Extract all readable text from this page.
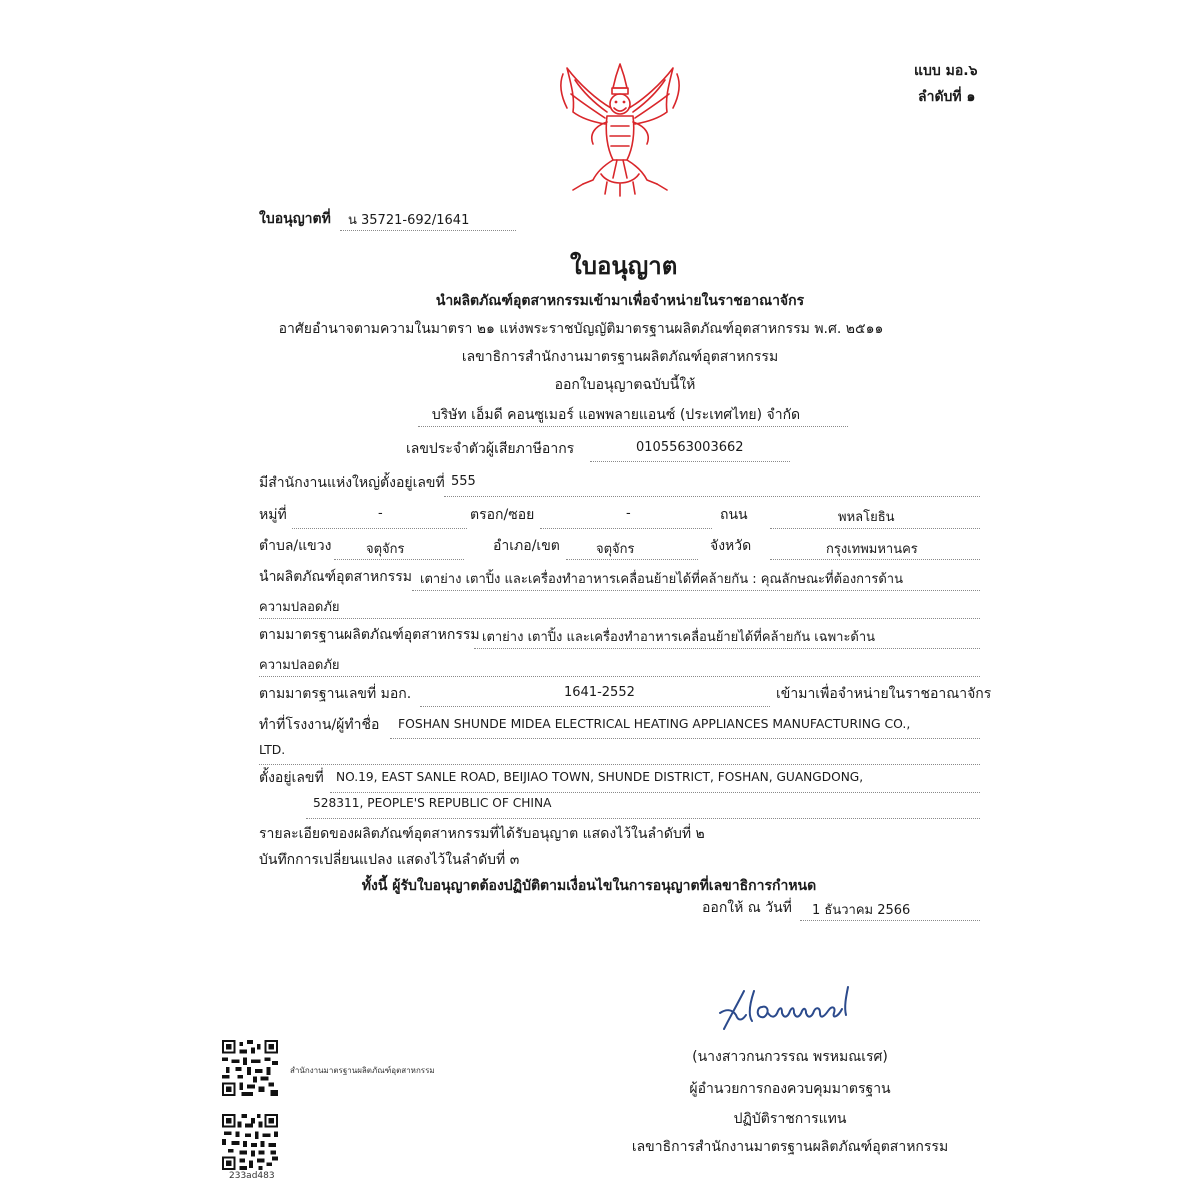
แบบ มอ.๖
ลำดับที่ ๑
ใบอนุญาตที่ น 35721-692/1641
ใบอนุญาต
นำผลิตภัณฑ์อุตสาหกรรมเข้ามาเพื่อจำหน่ายในราชอาณาจักร
อาศัยอำนาจตามความในมาตรา ๒๑ แห่งพระราชบัญญัติมาตรฐานผลิตภัณฑ์อุตสาหกรรม พ.ศ. ๒๕๑๑
เลขาธิการสำนักงานมาตรฐานผลิตภัณฑ์อุตสาหกรรม
ออกใบอนุญาตฉบับนี้ให้
บริษัท เอ็มดี คอนซูเมอร์ แอพพลายแอนซ์ (ประเทศไทย) จำกัด
เลขประจำตัวผู้เสียภาษีอากร	0105563003662
มีสำนักงานแห่งใหญ่ตั้งอยู่เลขที่ 555
หมู่ที่	-	ตรอก/ซอย	-	ถนน	พหลโยธิน
ตำบล/แขวง	จตุจักร	อำเภอ/เขต	จตุจักร	จังหวัด	กรุงเทพมหานคร
นำผลิตภัณฑ์อุตสาหกรรม เตาย่าง เตาปิ้ง และเครื่องทำอาหารเคลื่อนย้ายได้ที่คล้ายกัน : คุณลักษณะที่ต้องการด้าน
ความปลอดภัย
ตามมาตรฐานผลิตภัณฑ์อุตสาหกรรม เตาย่าง เตาปิ้ง และเครื่องทำอาหารเคลื่อนย้ายได้ที่คล้ายกัน เฉพาะด้าน
ความปลอดภัย
ตามมาตรฐานเลขที่ มอก.	1641-2552	เข้ามาเพื่อจำหน่ายในราชอาณาจักร
ทำที่โรงงาน/ผู้ทำชื่อ FOSHAN SHUNDE MIDEA ELECTRICAL HEATING APPLIANCES MANUFACTURING CO.,
LTD.
ตั้งอยู่เลขที่ NO.19, EAST SANLE ROAD, BEIJIAO TOWN, SHUNDE DISTRICT, FOSHAN, GUANGDONG,
528311, PEOPLE'S REPUBLIC OF CHINA
รายละเอียดของผลิตภัณฑ์อุตสาหกรรมที่ได้รับอนุญาต แสดงไว้ในลำดับที่ ๒
บันทึกการเปลี่ยนแปลง แสดงไว้ในลำดับที่ ๓
ทั้งนี้ ผู้รับใบอนุญาตต้องปฏิบัติตามเงื่อนไขในการอนุญาตที่เลขาธิการกำหนด
ออกให้ ณ วันที่ 1 ธันวาคม 2566
(นางสาวกนกวรรณ พรหมณเรศ)
ผู้อำนวยการกองควบคุมมาตรฐาน
ปฏิบัติราชการแทน
เลขาธิการสำนักงานมาตรฐานผลิตภัณฑ์อุตสาหกรรม
สำนักงานมาตรฐานผลิตภัณฑ์อุตสาหกรรม
233ad483
